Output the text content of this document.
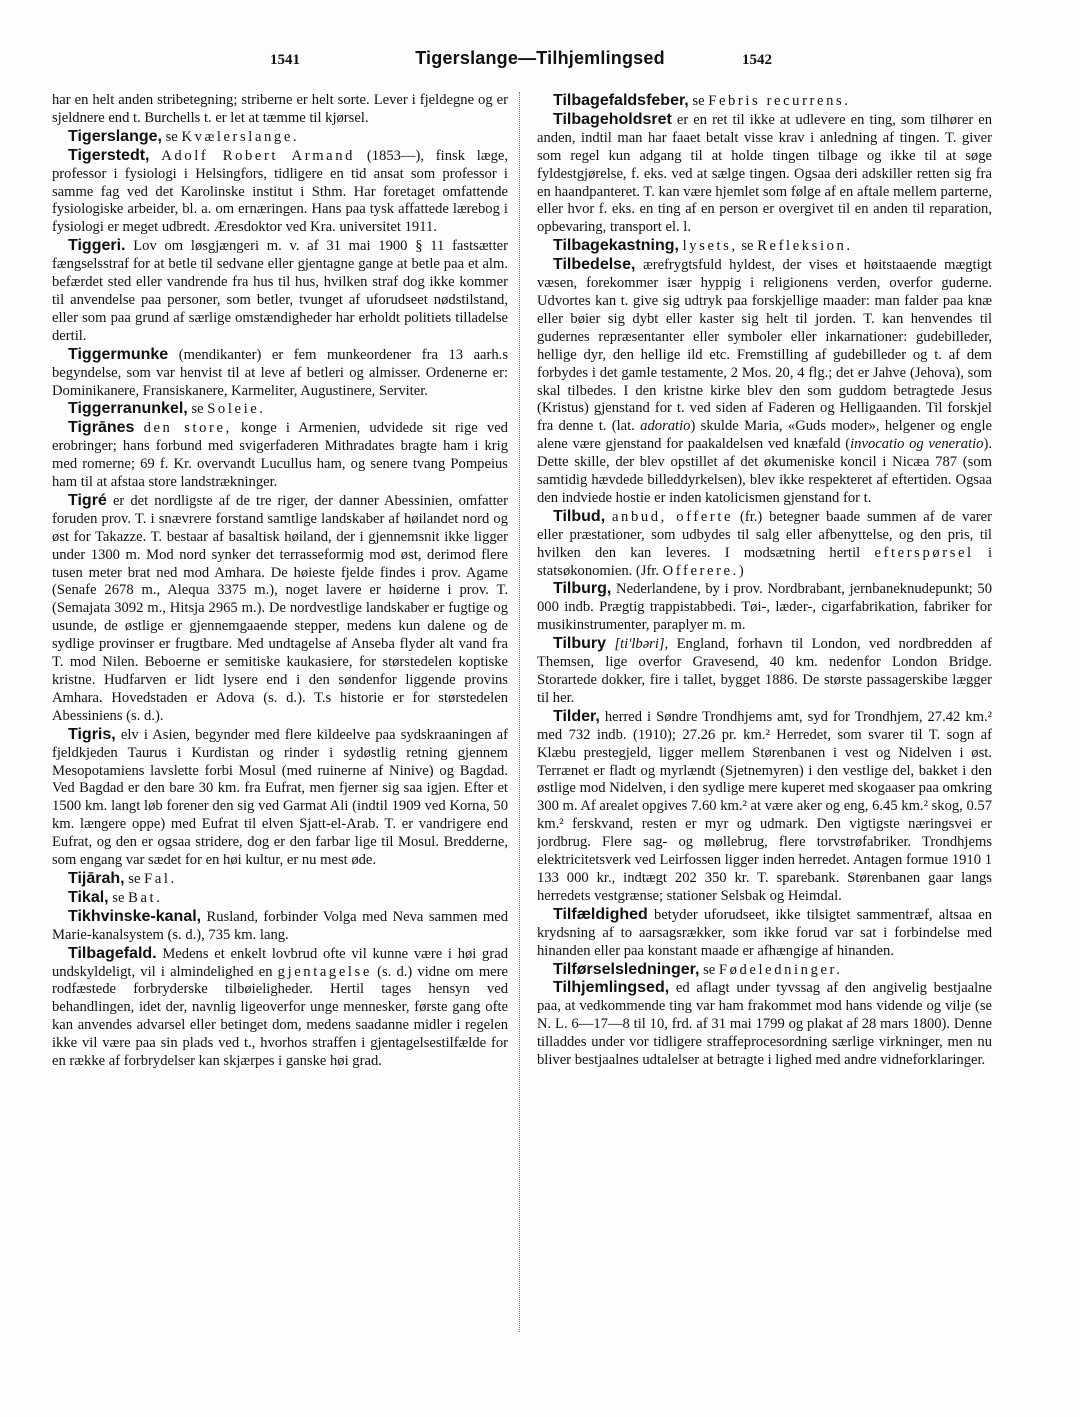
1541	Tigerslange—Tilhjemlingsed	1542

har en helt anden stribetegning; striberne er helt sorte. Lever i fjeldegne og er sjeldnere end t. Burchells t. er let at tæmme til kjørsel.

Tigerslange, se Kvælerslange.

Tigerstedt, Adolf Robert Armand (1853—), finsk læge, professor i fysiologi i Helsingfors, tidligere en tid ansat som professor i samme fag ved det Karolinske institut i Sthm. Har foretaget omfattende fysiologiske arbeider, bl. a. om ernæringen. Hans paa tysk affattede lærebog i fysiologi er meget udbredt. Æresdoktor ved Kra. universitet 1911.

Tiggeri. Lov om løsgjængeri m. v. af 31 mai 1900 § 11 fastsætter fængselsstraf for at betle til sedvane eller gjentagne gange at betle paa et alm. befærdet sted eller vandrende fra hus til hus, hvilken straf dog ikke kommer til anvendelse paa personer, som betler, tvunget af uforudseet nødstilstand, eller som paa grund af særlige omstændigheder har erholdt politiets tilladelse dertil.

Tiggermunke (mendikanter) er fem munkeordener fra 13 aarh.s begyndelse, som var henvist til at leve af betleri og almisser. Ordenerne er: Dominikanere, Fransiskanere, Karmeliter, Augustinere, Serviter.

Tiggerranunkel, se Soleie.

Tigrānes den store, konge i Armenien, udvidede sit rige ved erobringer; hans forbund med svigerfaderen Mithradates bragte ham i krig med romerne; 69 f. Kr. overvandt Lucullus ham, og senere tvang Pompeius ham til at afstaa store landstrækninger.

Tigré er det nordligste af de tre riger, der danner Abessinien, omfatter foruden prov. T. i snævrere forstand samtlige landskaber af høilandet nord og øst for Takazze. T. bestaar af basaltisk høiland, der i gjennemsnit ikke ligger under 1300 m. Mod nord synker det terrasseformig mod øst, derimod flere tusen meter brat ned mod Amhara. De høieste fjelde findes i prov. Agame (Senafe 2678 m., Alequa 3375 m.), noget lavere er høiderne i prov. T. (Semajata 3092 m., Hitsja 2965 m.). De nordvestlige landskaber er fugtige og usunde, de østlige er gjennemgaaende stepper, medens kun dalene og de sydlige provinser er frugtbare. Med undtagelse af Anseba flyder alt vand fra T. mod Nilen. Beboerne er semitiske kaukasiere, for størstedelen koptiske kristne. Hudfarven er lidt lysere end i den søndenfor liggende provins Amhara. Hovedstaden er Adova (s. d.). T.s historie er for størstedelen Abessiniens (s. d.).

Tigris, elv i Asien, begynder med flere kildeelve paa sydskraaningen af fjeldkjeden Taurus i Kurdistan og rinder i sydøstlig retning gjennem Mesopotamiens lavslette forbi Mosul (med ruinerne af Ninive) og Bagdad. Ved Bagdad er den bare 30 km. fra Eufrat, men fjerner sig saa igjen. Efter et 1500 km. langt løb forener den sig ved Garmat Ali (indtil 1909 ved Korna, 50 km. længere oppe) med Eufrat til elven Sjatt-el-Arab. T. er vandrigere end Eufrat, og den er ogsaa stridere, dog er den farbar lige til Mosul. Bredderne, som engang var sædet for en høi kultur, er nu mest øde.

Tijārah, se Fal.

Tikal, se Bat.

Tikhvinske-kanal, Rusland, forbinder Volga med Neva sammen med Marie-kanalsystem (s. d.), 735 km. lang.

Tilbagefald. Medens et enkelt lovbrud ofte vil kunne være i høi grad undskyldeligt, vil i almindelighed en gjentagelse (s. d.) vidne om mere rodfæstede forbryderske tilbøieligheder. Hertil tages hensyn ved behandlingen, idet der, navnlig ligeoverfor unge mennesker, første gang ofte kan anvendes advarsel eller betinget dom, medens saadanne midler i regelen ikke vil være paa sin plads ved t., hvorhos straffen i gjentagelsestilfælde for en række af forbrydelser kan skjærpes i ganske høi grad.

Tilbagefaldsfeber, se Febris recurrens.

Tilbageholdsret er en ret til ikke at udlevere en ting, som tilhører en anden, indtil man har faaet betalt visse krav i anledning af tingen. T. giver som regel kun adgang til at holde tingen tilbage og ikke til at søge fyldestgjørelse, f. eks. ved at sælge tingen. Ogsaa deri adskiller retten sig fra en haandpanteret. T. kan være hjemlet som følge af en aftale mellem parterne, eller hvor f. eks. en ting af en person er overgivet til en anden til reparation, opbevaring, transport el. l.

Tilbagekastning, lysets, se Refleksion.

Tilbedelse, ærefrygtsfuld hyldest, der vises et høitstaaende mægtigt væsen, forekommer især hyppig i religionens verden, overfor guderne. Udvortes kan t. give sig udtryk paa forskjellige maader: man falder paa knæ eller bøier sig dybt eller kaster sig helt til jorden. T. kan henvendes til gudernes repræsentanter eller symboler eller inkarnationer: gudebilleder, hellige dyr, den hellige ild etc. Fremstilling af gudebilleder og t. af dem forbydes i det gamle testamente, 2 Mos. 20, 4 flg.; det er Jahve (Jehova), som skal tilbedes. I den kristne kirke blev den som guddom betragtede Jesus (Kristus) gjenstand for t. ved siden af Faderen og Helligaanden. Til forskjel fra denne t. (lat. adoratio) skulde Maria, «Guds moder», helgener og engle alene være gjenstand for paakaldelsen ved knæfald (invocatio og veneratio). Dette skille, der blev opstillet af det økumeniske koncil i Nicæa 787 (som samtidig hævdede billeddyrkelsen), blev ikke respekteret af eftertiden. Ogsaa den indviede hostie er inden katolicismen gjenstand for t.

Tilbud, anbud, offerte (fr.) betegner baade summen af de varer eller præstationer, som udbydes til salg eller afbenyttelse, og den pris, til hvilken den kan leveres. I modsætning hertil efterspørsel i statsøkonomien. (Jfr. Offerere.)

Tilburg, Nederlandene, by i prov. Nordbrabant, jernbaneknudepunkt; 50 000 indb. Prægtig trappistabbedi. Tøi-, læder-, cigarfabrikation, fabriker for musikinstrumenter, paraplyer m. m.

Tilbury [ti'lbəri], England, forhavn til London, ved nordbredden af Themsen, lige overfor Gravesend, 40 km. nedenfor London Bridge. Storartede dokker, fire i tallet, bygget 1886. De største passagerskibe lægger til her.

Tilder, herred i Søndre Trondhjems amt, syd for Trondhjem, 27.42 km.² med 732 indb. (1910); 27.26 pr. km.² Herredet, som svarer til T. sogn af Klæbu prestegjeld, ligger mellem Størenbanen i vest og Nidelven i øst. Terrænet er fladt og myrlændt (Sjetnemyren) i den vestlige del, bakket i den østlige mod Nidelven, i den sydlige mere kuperet med skogaaser paa omkring 300 m. Af arealet opgives 7.60 km.² at være aker og eng, 6.45 km.² skog, 0.57 km.² ferskvand, resten er myr og udmark. Den vigtigste næringsvei er jordbrug. Flere sag- og møllebrug, flere torvstrøfabriker. Trondhjems elektricitetsverk ved Leirfossen ligger inden herredet. Antagen formue 1910 1 133 000 kr., indtægt 202 350 kr. T. sparebank. Størenbanen gaar langs herredets vestgrænse; stationer Selsbak og Heimdal.

Tilfældighed betyder uforudseet, ikke tilsigtet sammentræf, altsaa en krydsning af to aarsagsrækker, som ikke forud var sat i forbindelse med hinanden eller paa konstant maade er afhængige af hinanden.

Tilførselsledninger, se Fødeledninger.

Tilhjemlingsed, ed aflagt under tyvssag af den angivelig bestjaalne paa, at vedkommende ting var ham frakommet mod hans vidende og vilje (se N. L. 6—17—8 til 10, frd. af 31 mai 1799 og plakat af 28 mars 1800). Denne tilladdes under vor tidligere straffeprocesordning særlige virkninger, men nu bliver bestjaalnes udtalelser at betragte i lighed med andre vidneforklaringer.
